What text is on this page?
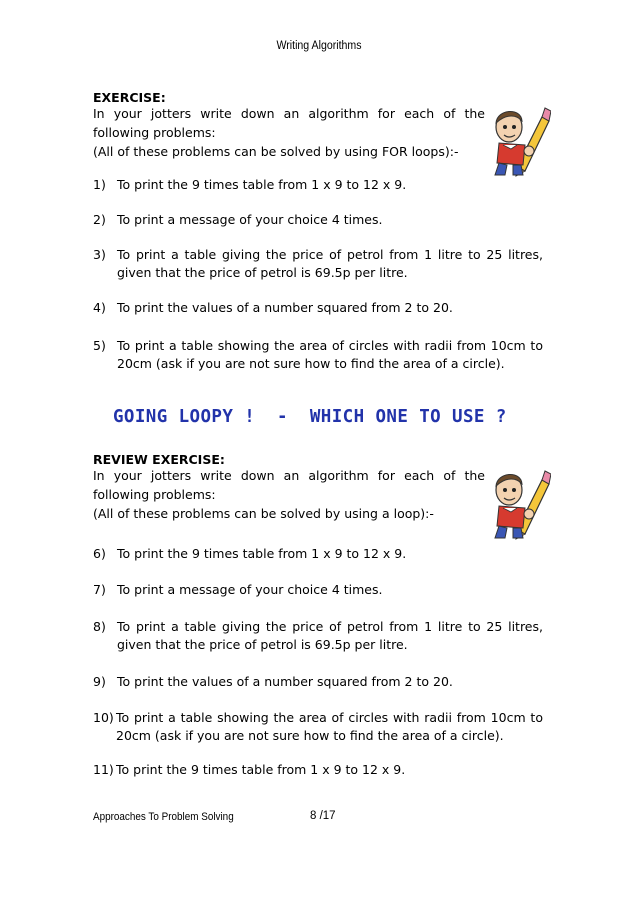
Writing Algorithms
EXERCISE:
In your jotters write down an algorithm for each of the
following problems:
(All of these problems can be solved by using FOR loops):-
1) To print the 9 times table from 1 x 9 to 12 x 9.
2) To print a message of your choice 4 times.
3) To print a table giving the price of petrol from 1 litre to 25 litres,
given that the price of petrol is 69.5p per litre.
4) To print the values of a number squared from 2 to 20.
5) To print a table showing the area of circles with radii from 10cm to
20cm (ask if you are not sure how to find the area of a circle).
GOING LOOPY !  -  WHICH ONE TO USE ?
REVIEW EXERCISE:
In your jotters write down an algorithm for each of the
following problems:
(All of these problems can be solved by using a loop):-
6) To print the 9 times table from 1 x 9 to 12 x 9.
7) To print a message of your choice 4 times.
8) To print a table giving the price of petrol from 1 litre to 25 litres,
given that the price of petrol is 69.5p per litre.
9) To print the values of a number squared from 2 to 20.
10) To print a table showing the area of circles with radii from 10cm to
20cm (ask if you are not sure how to find the area of a circle).
11) To print the 9 times table from 1 x 9 to 12 x 9.
Approaches To Problem Solving	8 /17
